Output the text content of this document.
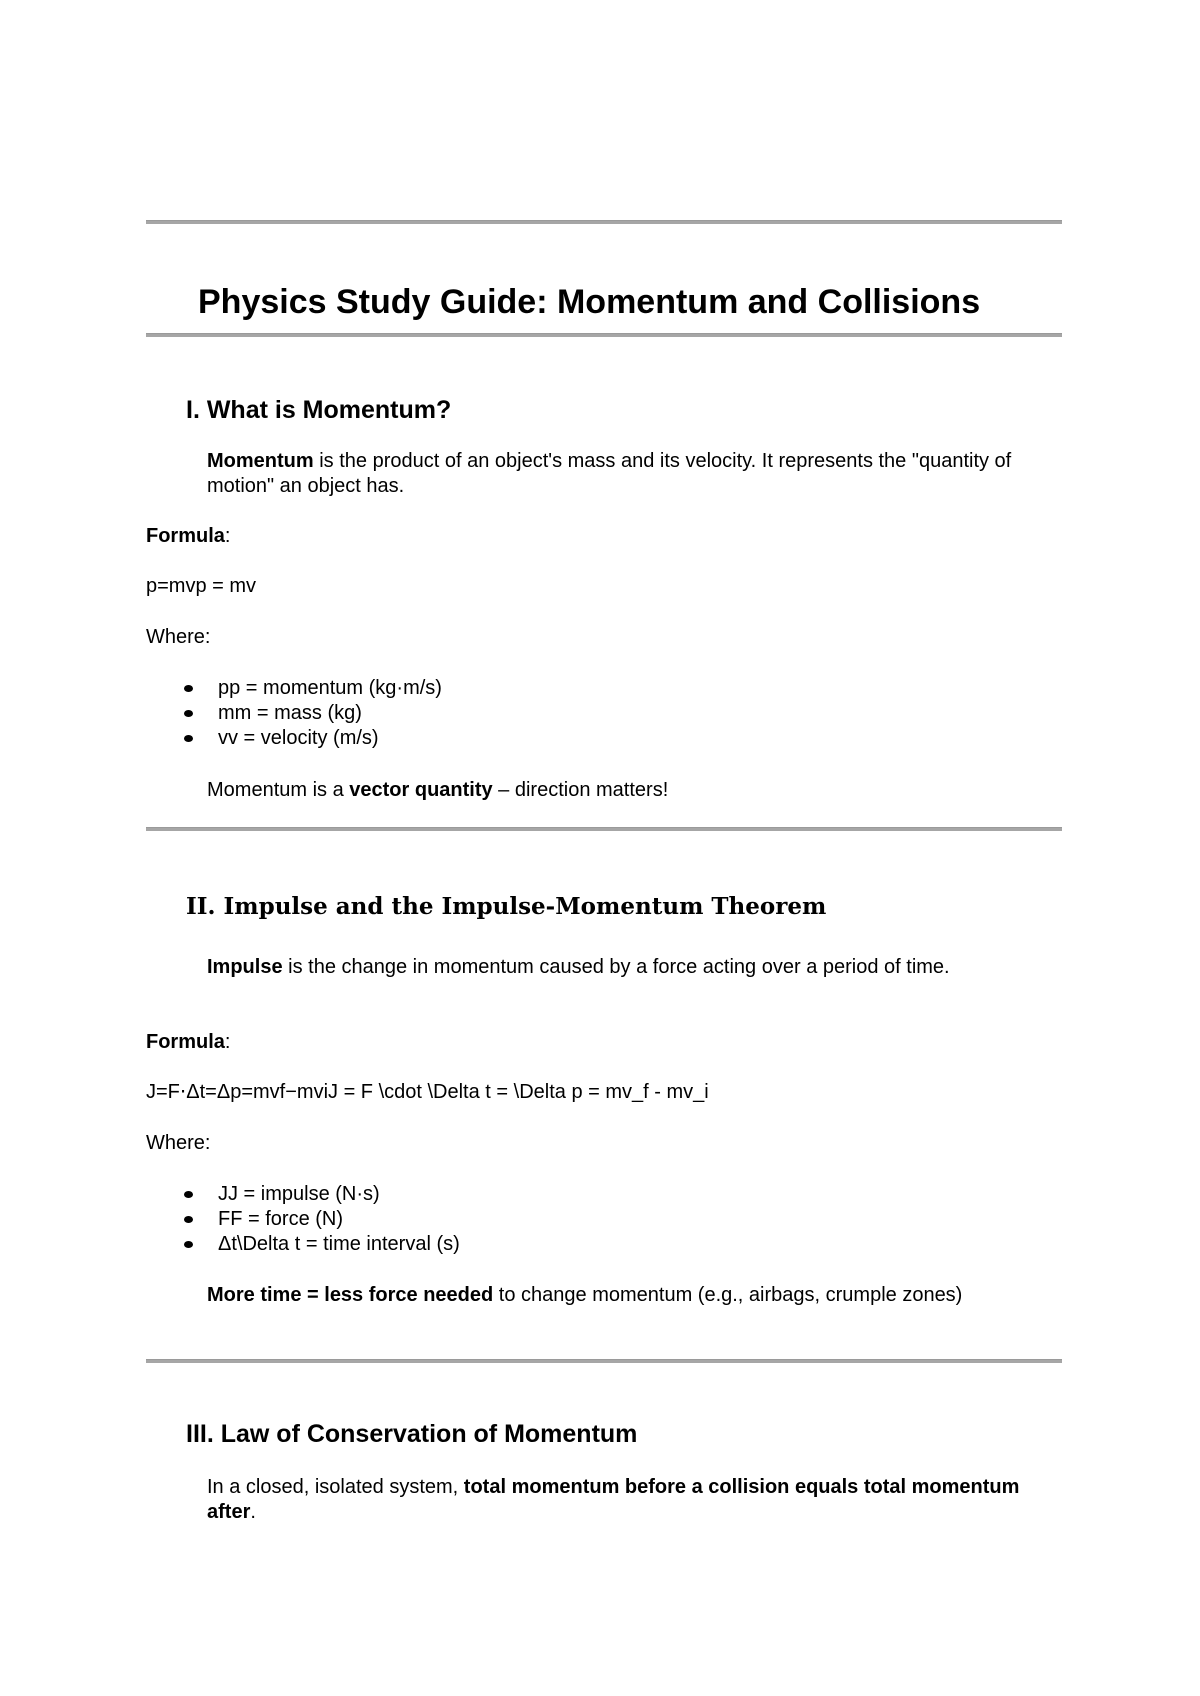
Physics Study Guide: Momentum and Collisions
I. What is Momentum?
Momentum is the product of an object's mass and its velocity. It represents the "quantity of motion" an object has.
Formula:
p=mvp = mv
Where:
pp = momentum (kg·m/s)
mm = mass (kg)
vv = velocity (m/s)
Momentum is a vector quantity – direction matters!
II. Impulse and the Impulse-Momentum Theorem
Impulse is the change in momentum caused by a force acting over a period of time.
Formula:
J=F⋅Δt=Δp=mvf−mviJ = F \cdot \Delta t = \Delta p = mv_f - mv_i
Where:
JJ = impulse (N·s)
FF = force (N)
Δt\Delta t = time interval (s)
More time = less force needed to change momentum (e.g., airbags, crumple zones)
III. Law of Conservation of Momentum
In a closed, isolated system, total momentum before a collision equals total momentum after.
